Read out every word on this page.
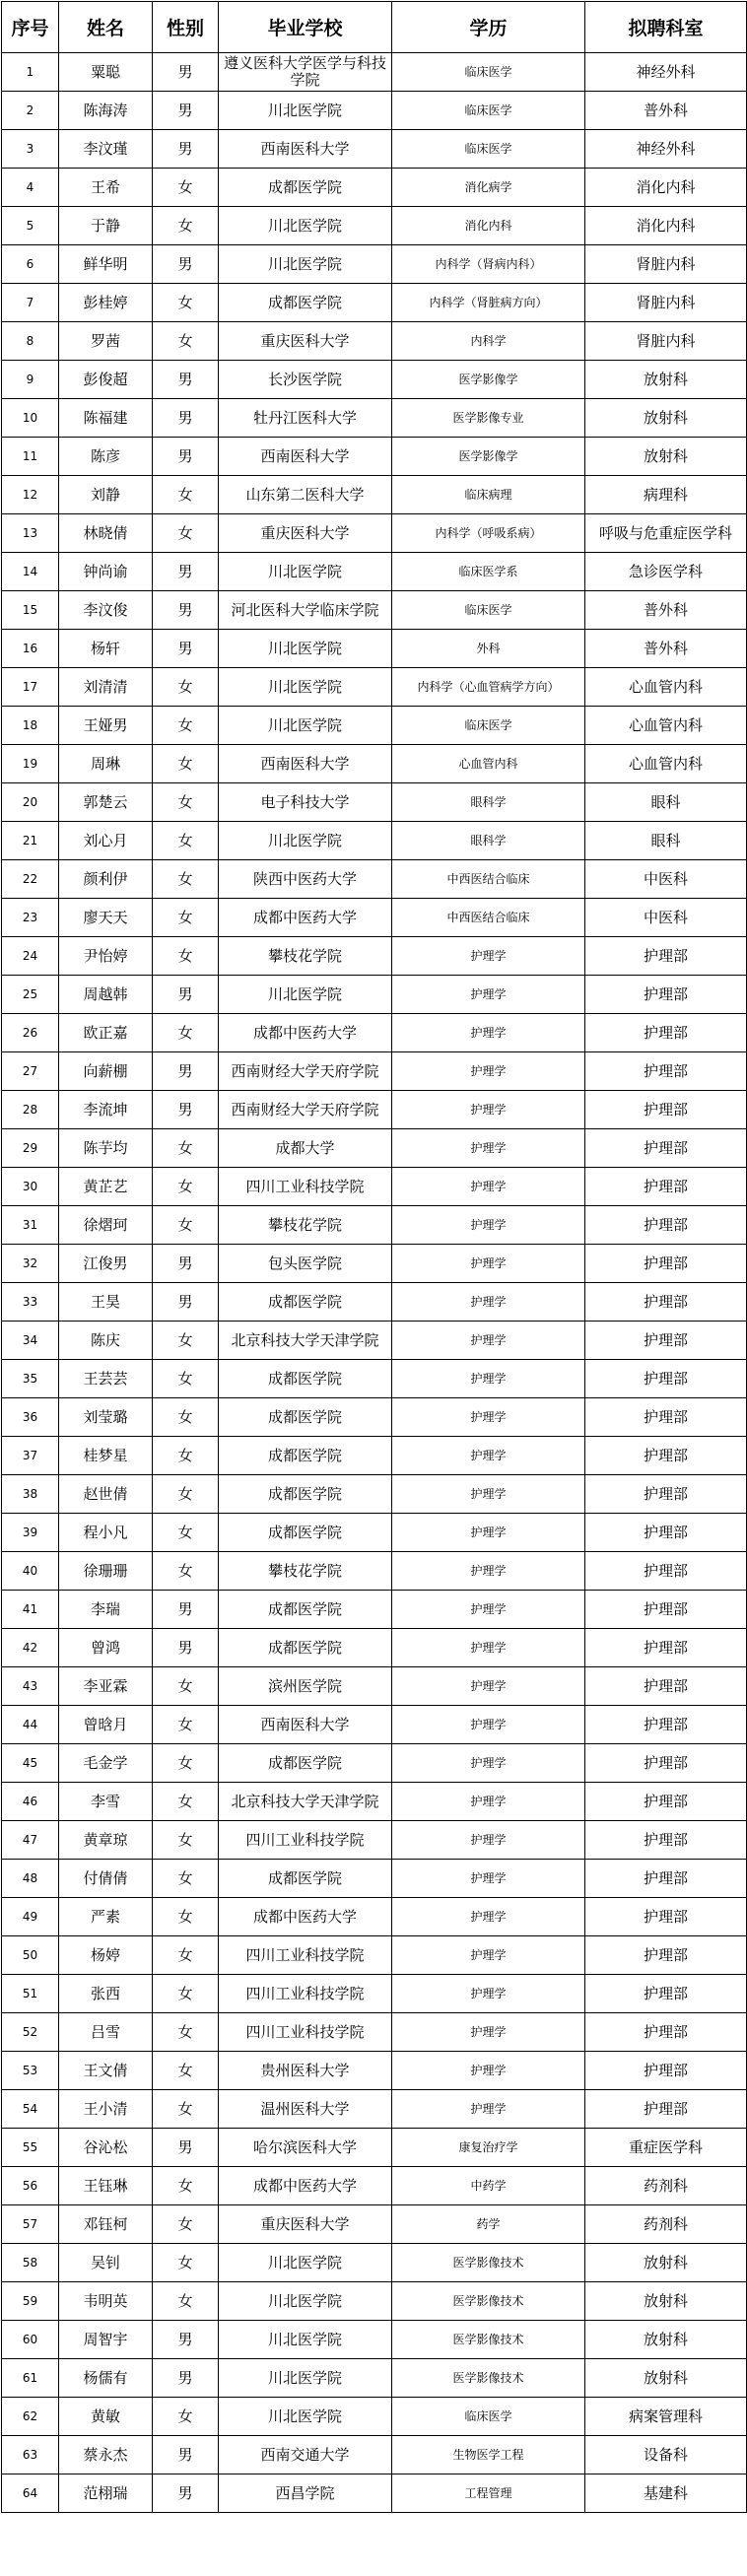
序号	姓名	性别	毕业学校	学历	拟聘科室
1	粟聪	男	遵义医科大学医学与科技学院	临床医学	神经外科
2	陈海涛	男	川北医学院	临床医学	普外科
3	李汶瑾	男	西南医科大学	临床医学	神经外科
4	王希	女	成都医学院	消化病学	消化内科
5	于静	女	川北医学院	消化内科	消化内科
6	鲜华明	男	川北医学院	内科学（肾病内科）	肾脏内科
7	彭桂婷	女	成都医学院	内科学（肾脏病方向）	肾脏内科
8	罗茜	女	重庆医科大学	内科学	肾脏内科
9	彭俊超	男	长沙医学院	医学影像学	放射科
10	陈福建	男	牡丹江医科大学	医学影像专业	放射科
11	陈彦	男	西南医科大学	医学影像学	放射科
12	刘静	女	山东第二医科大学	临床病理	病理科
13	林晓倩	女	重庆医科大学	内科学（呼吸系病）	呼吸与危重症医学科
14	钟尚谕	男	川北医学院	临床医学系	急诊医学科
15	李汶俊	男	河北医科大学临床学院	临床医学	普外科
16	杨轩	男	川北医学院	外科	普外科
17	刘清清	女	川北医学院	内科学（心血管病学方向）	心血管内科
18	王娅男	女	川北医学院	临床医学	心血管内科
19	周琳	女	西南医科大学	心血管内科	心血管内科
20	郭楚云	女	电子科技大学	眼科学	眼科
21	刘心月	女	川北医学院	眼科学	眼科
22	颜利伊	女	陕西中医药大学	中西医结合临床	中医科
23	廖天天	女	成都中医药大学	中西医结合临床	中医科
24	尹怡婷	女	攀枝花学院	护理学	护理部
25	周越韩	男	川北医学院	护理学	护理部
26	欧正嘉	女	成都中医药大学	护理学	护理部
27	向薪棚	男	西南财经大学天府学院	护理学	护理部
28	李流坤	男	西南财经大学天府学院	护理学	护理部
29	陈芋均	女	成都大学	护理学	护理部
30	黄芷艺	女	四川工业科技学院	护理学	护理部
31	徐熠珂	女	攀枝花学院	护理学	护理部
32	江俊男	男	包头医学院	护理学	护理部
33	王昊	男	成都医学院	护理学	护理部
34	陈庆	女	北京科技大学天津学院	护理学	护理部
35	王芸芸	女	成都医学院	护理学	护理部
36	刘莹璐	女	成都医学院	护理学	护理部
37	桂梦星	女	成都医学院	护理学	护理部
38	赵世倩	女	成都医学院	护理学	护理部
39	程小凡	女	成都医学院	护理学	护理部
40	徐珊珊	女	攀枝花学院	护理学	护理部
41	李瑞	男	成都医学院	护理学	护理部
42	曾鸿	男	成都医学院	护理学	护理部
43	李亚霖	女	滨州医学院	护理学	护理部
44	曾晗月	女	西南医科大学	护理学	护理部
45	毛金学	女	成都医学院	护理学	护理部
46	李雪	女	北京科技大学天津学院	护理学	护理部
47	黄章琼	女	四川工业科技学院	护理学	护理部
48	付倩倩	女	成都医学院	护理学	护理部
49	严素	女	成都中医药大学	护理学	护理部
50	杨婷	女	四川工业科技学院	护理学	护理部
51	张西	女	四川工业科技学院	护理学	护理部
52	吕雪	女	四川工业科技学院	护理学	护理部
53	王文倩	女	贵州医科大学	护理学	护理部
54	王小清	女	温州医科大学	护理学	护理部
55	谷沁松	男	哈尔滨医科大学	康复治疗学	重症医学科
56	王钰琳	女	成都中医药大学	中药学	药剂科
57	邓钰柯	女	重庆医科大学	药学	药剂科
58	吴钊	女	川北医学院	医学影像技术	放射科
59	韦明英	女	川北医学院	医学影像技术	放射科
60	周智宇	男	川北医学院	医学影像技术	放射科
61	杨儒有	男	川北医学院	医学影像技术	放射科
62	黄敏	女	川北医学院	临床医学	病案管理科
63	蔡永杰	男	西南交通大学	生物医学工程	设备科
64	范栩瑞	男	西昌学院	工程管理	基建科
